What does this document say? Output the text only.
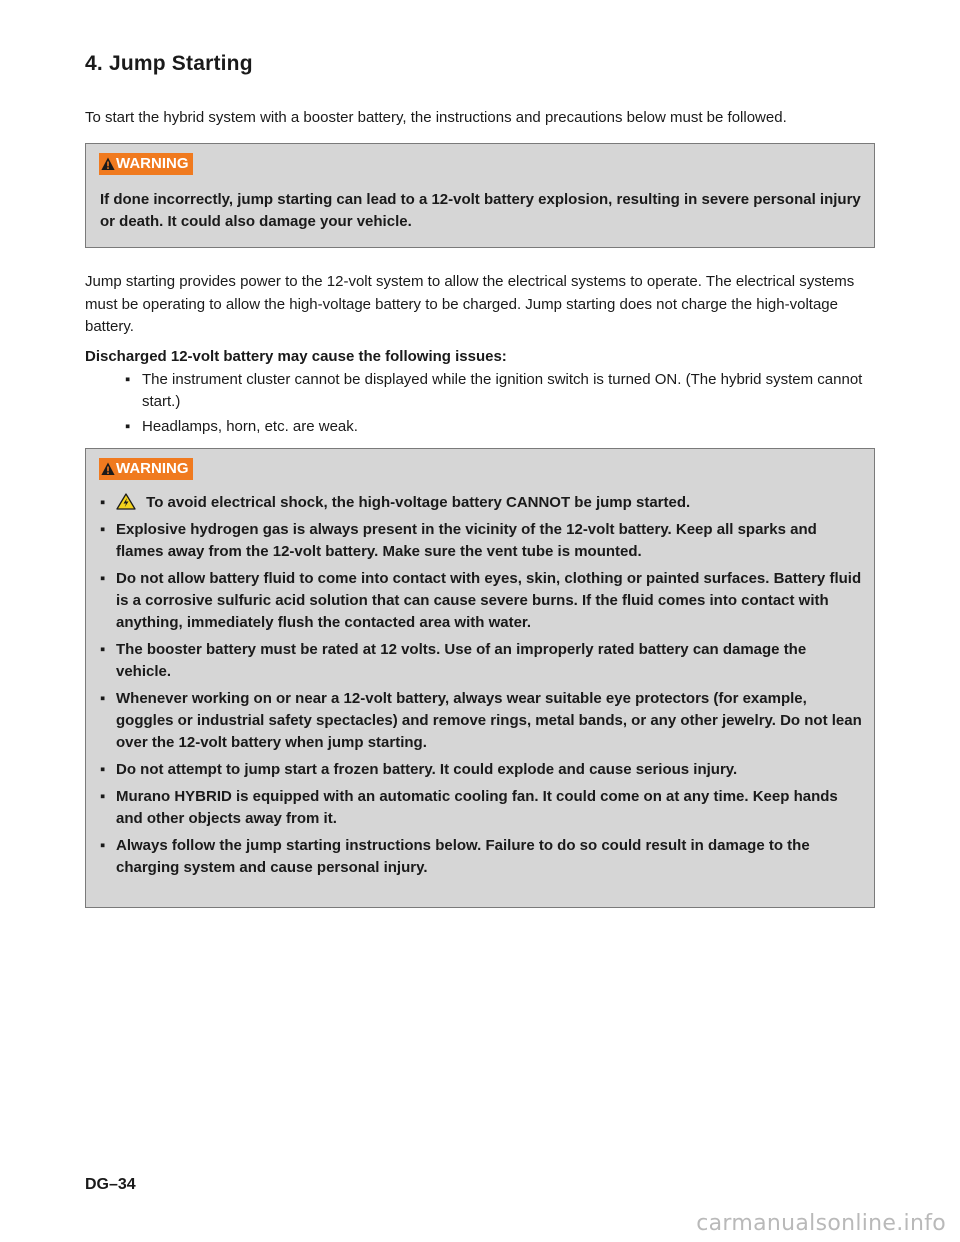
4. Jump Starting

To start the hybrid system with a booster battery, the instructions and precautions below must be followed.

WARNING

If done incorrectly, jump starting can lead to a 12-volt battery explosion, resulting in severe personal injury or death. It could also damage your vehicle.

Jump starting provides power to the 12-volt system to allow the electrical systems to operate. The electrical systems must be operating to allow the high-voltage battery to be charged. Jump starting does not charge the high-voltage battery.

Discharged 12-volt battery may cause the following issues:

▪ The instrument cluster cannot be displayed while the ignition switch is turned ON. (The hybrid system cannot start.)
▪ Headlamps, horn, etc. are weak.
WARNING
▪	To avoid electrical shock, the high-voltage battery CANNOT be jump started.
▪ Explosive hydrogen gas is always present in the vicinity of the 12-volt battery. Keep all sparks and flames away from the 12-volt battery. Make sure the vent tube is mounted.
▪ Do not allow battery fluid to come into contact with eyes, skin, clothing or painted surfaces. Battery fluid is a corrosive sulfuric acid solution that can cause severe burns. If the fluid comes into contact with anything, immediately flush the contacted area with water.
▪ The booster battery must be rated at 12 volts. Use of an improperly rated battery can damage the vehicle.
▪ Whenever working on or near a 12-volt battery, always wear suitable eye protectors (for example, goggles or industrial safety spectacles) and remove rings, metal bands, or any other jewelry. Do not lean over the 12-volt battery when jump starting.
▪ Do not attempt to jump start a frozen battery. It could explode and cause serious injury.
▪ Murano HYBRID is equipped with an automatic cooling fan. It could come on at any time. Keep hands and other objects away from it.
▪ Always follow the jump starting instructions below. Failure to do so could result in damage to the charging system and cause personal injury.

DG–34

carmanualsonline.info
